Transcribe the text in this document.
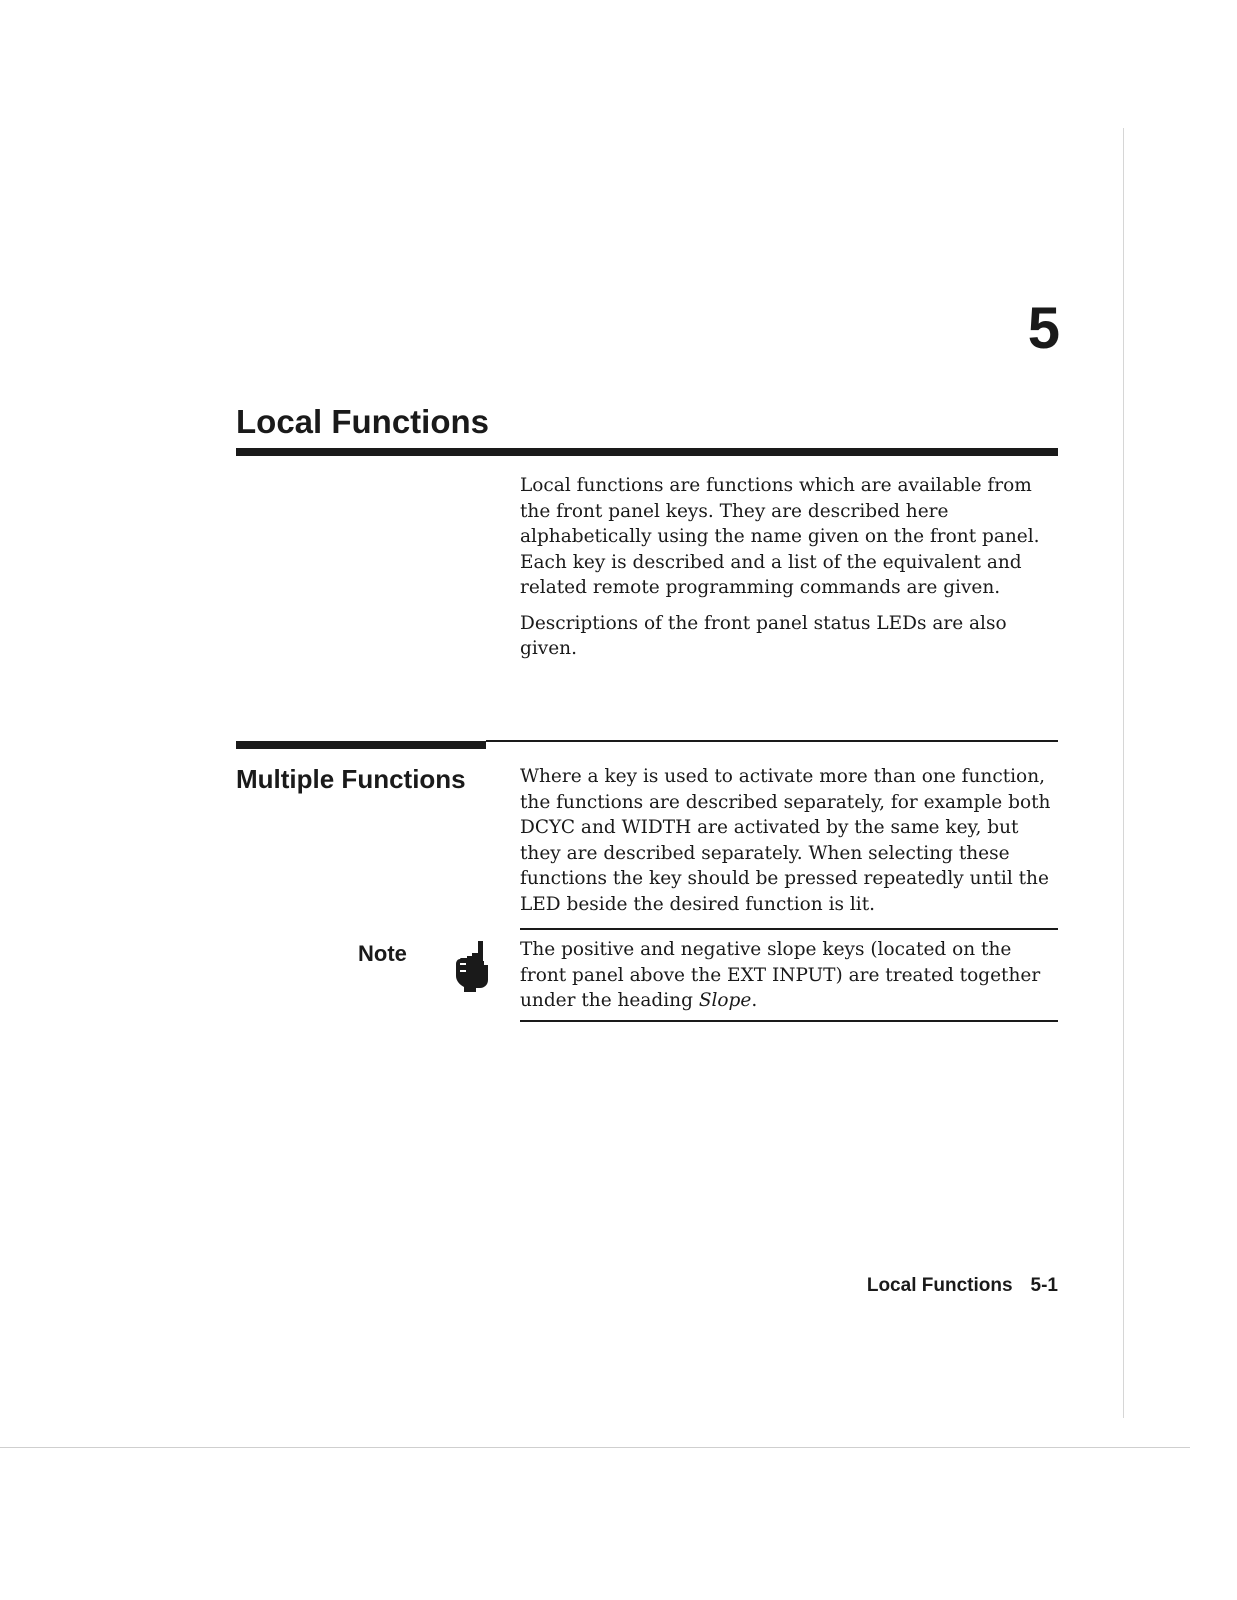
5
Local Functions

Local functions are functions which are available from the front panel keys. They are described here alphabetically using the name given on the front panel. Each key is described and a list of the equivalent and related remote programming commands are given.

Descriptions of the front panel status LEDs are also given.

Multiple Functions	Where a key is used to activate more than one function, the functions are described separately, for example both DCYC and WIDTH are activated by the same key, but they are described separately. When selecting these functions the key should be pressed repeatedly until the LED beside the desired function is lit.

Note	The positive and negative slope keys (located on the front panel above the EXT INPUT) are treated together under the heading Slope.

Local Functions 5-1
